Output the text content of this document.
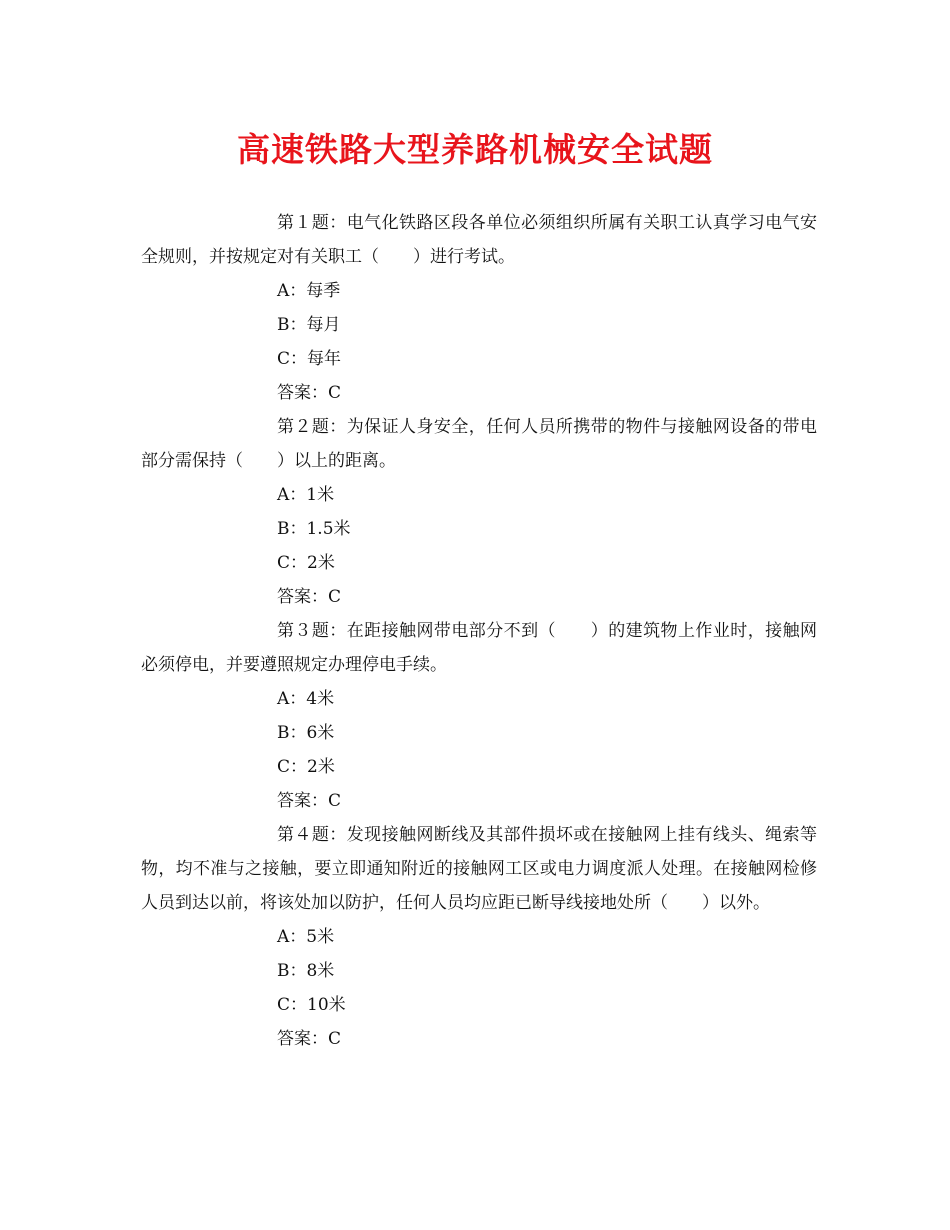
高速铁路大型养路机械安全试题

第１题：电气化铁路区段各单位必须组织所属有关职工认真学习电气安全规则，并按规定对有关职工（　　）进行考试。

A：每季

B：每月

C：每年

答案：C

第２题：为保证人身安全，任何人员所携带的物件与接触网设备的带电部分需保持（　　）以上的距离。

A：1米

B：1.5米

C：2米

答案：C

第３题：在距接触网带电部分不到（　　）的建筑物上作业时，接触网必须停电，并要遵照规定办理停电手续。

A：4米

B：6米

C：2米

答案：C

第４题：发现接触网断线及其部件损坏或在接触网上挂有线头、绳索等物，均不准与之接触，要立即通知附近的接触网工区或电力调度派人处理。在接触网检修人员到达以前，将该处加以防护，任何人员均应距已断导线接地处所（　　）以外。

A：5米

B：8米

C：10米

答案：C
